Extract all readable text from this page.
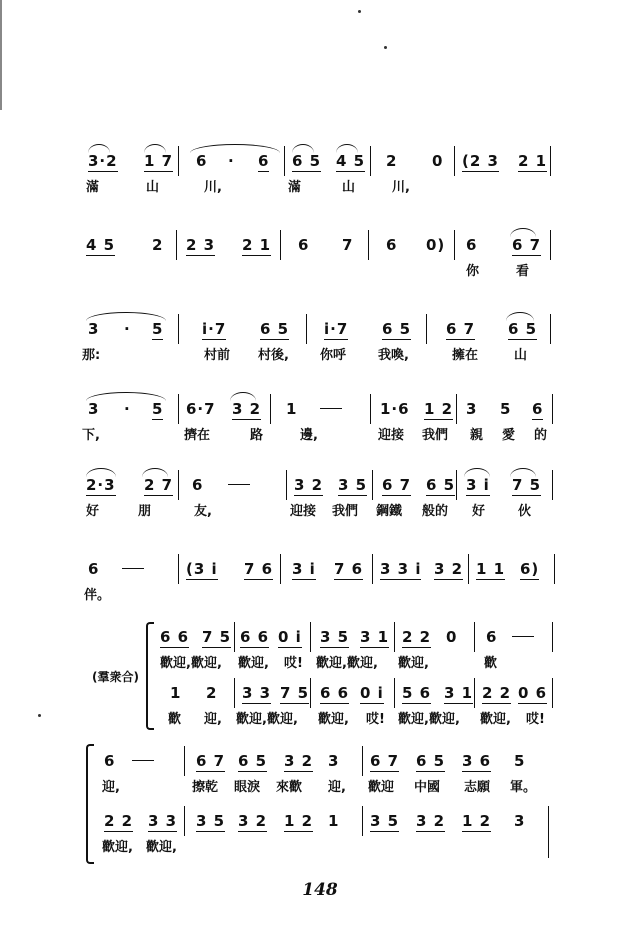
3·2 1 7 6 · 6 6 5 4 5 2 0 (2 3 2 1
滿	山	川,	滿	山	川,
4 5 2 2 3 2 1 6 7 6 0) 6 6 7
你	看
3 · 5	i·7 6 5 i·7 6 5 6 7 6 5
那:	村前 村後, 你呼 我喚,	擁在	山
3 · 5 6·7 3 2 1	1·6 1 2 3 5 6
下,	擠在	路	邊,	迎接 我們 親 愛 的
2·3 2 7 6	3 2 3 5 6 7 6 5 3 i 7 5
好	朋	友,	迎接 我們 鋼鐵 般的 好	伙
6	(3 i 7 6 3 i 7 6 3 3 i 3 2 1 1 6)
伴。
(羣衆合)
6 6 7 5 6 6 0 i 3 5 3 1 2 2 0 6
歡迎,歡迎, 歡迎, 哎! 歡迎,歡迎, 歡迎,	歡
1 2 3 3 7 5 6 6 0 i 5 6 3 1 2 2 0 6
歡 迎, 歡迎,歡迎, 歡迎, 哎! 歡迎,歡迎, 歡迎, 哎!
6	6 7 6 5 3 2 3 6 7 6 5 3 6 5
迎,	擦乾 眼淚 來歡 迎, 歡迎 中國 志願 軍。
2 2 3 3 3 5 3 2 1 2 1 3 5 3 2 1 2 3
歡迎, 歡迎,
148
